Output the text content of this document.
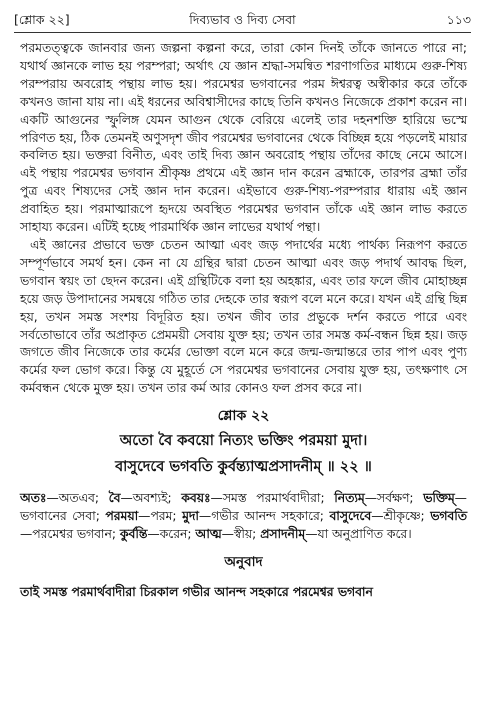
[শ্লোক ২২]	দিব্যভাব ও দিব্য সেবা	১১৩

পরমতত্ত্বকে জানবার জন্য জল্পনা কল্পনা করে, তারা কোন দিনই তাঁকে জানতে পারে না; যথার্থ জ্ঞানকে লাভ হয় পরম্পরা; অর্থাৎ যে জ্ঞান শ্রদ্ধা-সমন্বিত শরণাগতির মাধ্যমে গুরু-শিষ্য পরম্পরায় অবরোহ পন্থায় লাভ হয়। পরমেশ্বর ভগবানের পরম ঈশ্বরত্ব অস্বীকার করে তাঁকে কখনও জানা যায় না। এই ধরনের অবিশ্বাসীদের কাছে তিনি কখনও নিজেকে প্রকাশ করেন না। একটি আগুনের স্ফুলিঙ্গ যেমন আগুন থেকে বেরিয়ে এলেই তার দহনশক্তি হারিয়ে ভস্মে পরিণত হয়, ঠিক তেমনই অণুসদৃশ জীব পরমেশ্বর ভগবানের থেকে বিচ্ছিন্ন হয়ে পড়লেই মায়ার কবলিত হয়। ভক্তরা বিনীত, এবং তাই দিব্য জ্ঞান অবরোহ পন্থায় তাঁদের কাছে নেমে আসে। এই পন্থায় পরমেশ্বর ভগবান শ্রীকৃষ্ণ প্রথমে এই জ্ঞান দান করেন ব্রহ্মাকে, তারপর ব্রহ্মা তাঁর পুত্র এবং শিষ্যদের সেই জ্ঞান দান করেন। এইভাবে গুরু-শিষ্য-পরম্পরার ধারায় এই জ্ঞান প্রবাহিত হয়। পরমাত্মারূপে হৃদয়ে অবস্থিত পরমেশ্বর ভগবান তাঁকে এই জ্ঞান লাভ করতে সাহায্য করেন। এটিই হচ্ছে পারমার্থিক জ্ঞান লাভের যথার্থ পন্থা।

এই জ্ঞানের প্রভাবে ভক্ত চেতন আত্মা এবং জড় পদার্থের মধ্যে পার্থক্য নিরূপণ করতে সম্পূর্ণভাবে সমর্থ হন। কেন না যে গ্রন্থির দ্বারা চেতন আত্মা এবং জড় পদার্থ আবদ্ধ ছিল, ভগবান স্বয়ং তা ছেদন করেন। এই গ্রন্থিটিকে বলা হয় অহঙ্কার, এবং তার ফলে জীব মোহাচ্ছন্ন হয়ে জড় উপাদানের সমন্বয়ে গঠিত তার দেহকে তার স্বরূপ বলে মনে করে। যখন এই গ্রন্থি ছিন্ন হয়, তখন সমস্ত সংশয় বিদূরিত হয়। তখন জীব তার প্রভুকে দর্শন করতে পারে এবং সর্বতোভাবে তাঁর অপ্রাকৃত প্রেমময়ী সেবায় যুক্ত হয়; তখন তার সমস্ত কর্ম-বন্ধন ছিন্ন হয়। জড় জগতে জীব নিজেকে তার কর্মের ভোক্তা বলে মনে করে জন্ম-জন্মান্তরে তার পাপ এবং পুণ্য কর্মের ফল ভোগ করে। কিন্তু যে মুহূর্তে সে পরমেশ্বর ভগবানের সেবায় যুক্ত হয়, তৎক্ষণাৎ সে কর্মবন্ধন থেকে মুক্ত হয়। তখন তার কর্ম আর কোনও ফল প্রসব করে না।

শ্লোক ২২
অতো বৈ কবয়ো নিত্যং ভক্তিং পরময়া মুদা।
বাসুদেবে ভগবতি কুর্বন্ত্যাত্মপ্রসাদনীম্ ॥ ২২ ॥
অতঃ—অতএব; বৈ—অবশ্যই; কবয়ঃ—সমস্ত পরমার্থবাদীরা; নিত্যম্—সর্বক্ষণ; ভক্তিম্—ভগবানের সেবা; পরময়া—পরম; মুদা—গভীর আনন্দ সহকারে; বাসুদেবে—শ্রীকৃষ্ণে; ভগবতি—পরমেশ্বর ভগবান; কুর্বন্তি—করেন; আত্ম—স্বীয়; প্রসাদনীম্—যা অনুপ্রাণিত করে।
অনুবাদ

তাই সমস্ত পরমার্থবাদীরা চিরকাল গভীর আনন্দ সহকারে পরমেশ্বর ভগবান
